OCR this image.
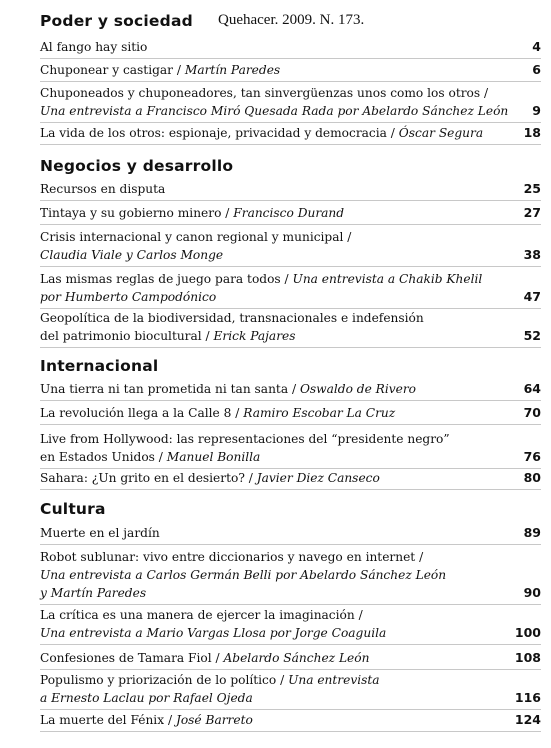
Quehacer. 2009. N. 173.
Poder y sociedad
Al fango hay sitio	4
Chuponear y castigar / Martín Paredes	6
Chuponeados y chuponeadores, tan sinvergüenzas unos como los otros /
Una entrevista a Francisco Miró Quesada Rada por Abelardo Sánchez León	9
La vida de los otros: espionaje, privacidad y democracia / Óscar Segura	18
Negocios y desarrollo
Recursos en disputa	25
Tintaya y su gobierno minero / Francisco Durand	27
Crisis internacional y canon regional y municipal /
Claudia Viale y Carlos Monge	38
Las mismas reglas de juego para todos / Una entrevista a Chakib Khelil
por Humberto Campodónico	47
Geopolítica de la biodiversidad, transnacionales e indefensión
del patrimonio biocultural / Erick Pajares	52
Internacional
Una tierra ni tan prometida ni tan santa / Oswaldo de Rivero	64
La revolución llega a la Calle 8 / Ramiro Escobar La Cruz	70
Live from Hollywood: las representaciones del “presidente negro”
en Estados Unidos / Manuel Bonilla	76
Sahara: ¿Un grito en el desierto? / Javier Diez Canseco	80
Cultura
Muerte en el jardín	89
Robot sublunar: vivo entre diccionarios y navego en internet /
Una entrevista a Carlos Germán Belli por Abelardo Sánchez León
y Martín Paredes	90
La crítica es una manera de ejercer la imaginación /
Una entrevista a Mario Vargas Llosa por Jorge Coaguila	100
Confesiones de Tamara Fiol / Abelardo Sánchez León	108
Populismo y priorización de lo político / Una entrevista
a Ernesto Laclau por Rafael Ojeda	116
La muerte del Fénix / José Barreto	124
